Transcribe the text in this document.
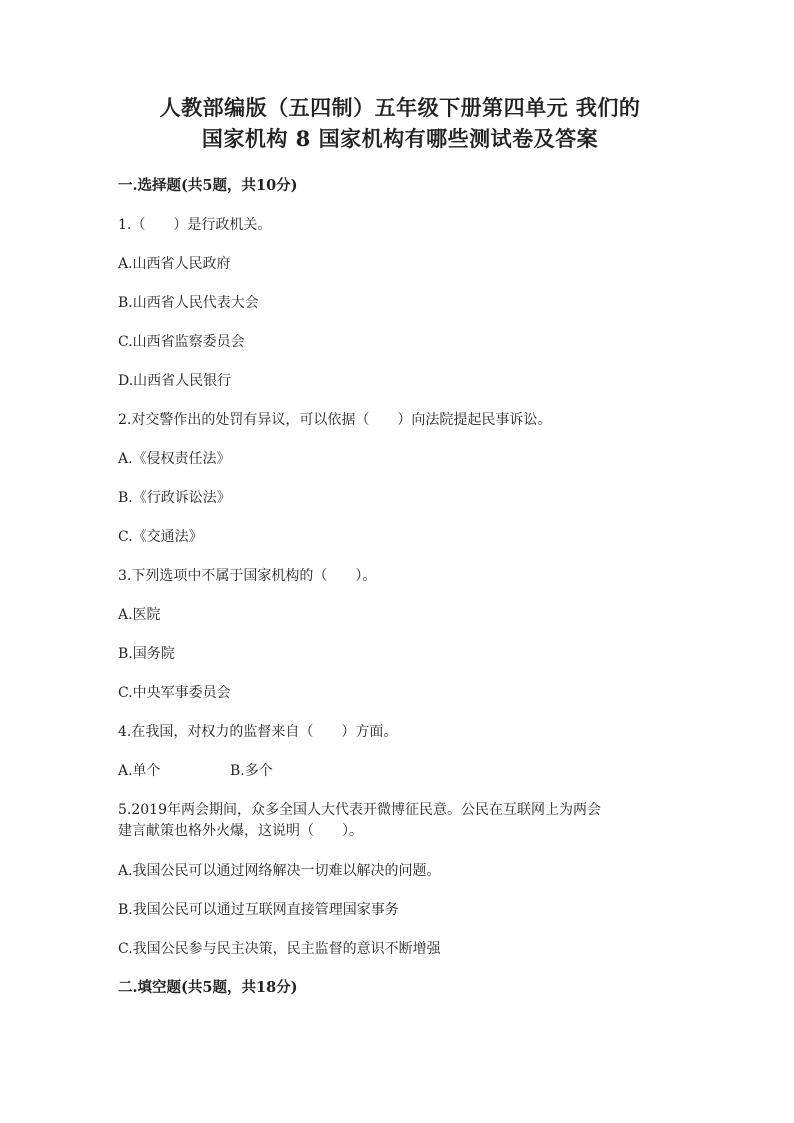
人教部编版（五四制）五年级下册第四单元 我们的
国家机构 8 国家机构有哪些测试卷及答案
一.选择题(共5题，共10分)
1.（　　）是行政机关。
A.山西省人民政府
B.山西省人民代表大会
C.山西省监察委员会
D.山西省人民银行
2.对交警作出的处罚有异议，可以依据（　　）向法院提起民事诉讼。
A.《侵权责任法》
B.《行政诉讼法》
C.《交通法》
3.下列选项中不属于国家机构的（　　）。
A.医院
B.国务院
C.中央军事委员会
4.在我国，对权力的监督来自（　　）方面。
A.单个	B.多个
5.2019年两会期间，众多全国人大代表开微博征民意。公民在互联网上为两会
建言献策也格外火爆，这说明（　　）。
A.我国公民可以通过网络解决一切难以解决的问题。
B.我国公民可以通过互联网直接管理国家事务
C.我国公民参与民主决策，民主监督的意识不断增强
二.填空题(共5题，共18分)
